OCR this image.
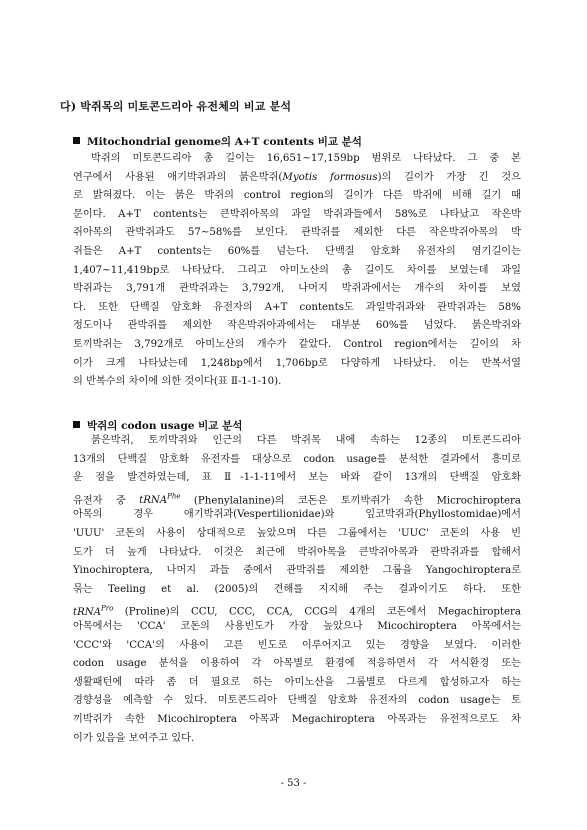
다) 박쥐목의 미토콘드리아 유전체의 비교 분석
Mitochondrial genome의 A+T contents 비교 분석
박쥐의 미토콘드리아 총 길이는 16,651~17,159bp 범위로 나타났다. 그 중 본
연구에서 사용된 애기박쥐과의 붉은박쥐(Myotis formosus)의 길이가 가장 긴 것으
로 밝혀졌다. 이는 붉은 박쥐의 control region의 길이가 다른 박쥐에 비해 길기 때
문이다. A+T contents는 큰박쥐아목의 과일 박쥐과들에서 58%로 나타났고 작은박
쥐아목의 관박쥐과도 57~58%를 보인다. 관박쥐를 제외한 다른 작은박쥐아목의 박
쥐들은 A+T contents는 60%를 넘는다. 단백질 암호화 유전자의 염기길이는
1,407~11,419bp로 나타났다. 그리고 아미노산의 총 길이도 차이를 보였는데 과일
박쥐과는 3,791개 관박쥐과는 3,792개, 나머지 박쥐과에서는 개수의 차이를 보였
다. 또한 단백질 암호화 유전자의 A+T contents도 과일박쥐과와 관박쥐과는 58%
정도이나 관박쥐를 제외한 작은박쥐아과에서는 대부분 60%를 넘었다. 붉은박쥐와
토끼박쥐는 3,792개로 아미노산의 개수가 같았다. Control region에서는 길이의 차
이가 크게 나타났는데 1,248bp에서 1,706bp로 다양하게 나타났다. 이는 반복서열
의 반복수의 차이에 의한 것이다(표 Ⅱ-1-1-10).
박쥐의 codon usage 비교 분석
붉은박쥐, 토끼박쥐와 인근의 다른 박쥐목 내에 속하는 12종의 미토콘드리아
13개의 단백질 암호화 유전자를 대상으로 codon usage를 분석한 결과에서 흥미로
운 점을 발견하였는데, 표 Ⅱ-1-1-11에서 보는 바와 같이 13개의 단백질 암호화
유전자 중 tRNA$^{Phe}$ (Phenylalanine)의 코돈은 토끼박쥐가 속한 Microchiroptera
아목의 경우 애기박쥐과(Vespertilionidae)와 잎코박쥐과(Phyllostomidae)에서
'UUU' 코돈의 사용이 상대적으로 높았으며 다른 그룹에서는 'UUC' 코돈의 사용 빈
도가 더 높게 나타났다. 이것은 최근에 박쥐아목을 큰박쥐아목과 관박쥐과를 합해서
Yinochiroptera, 나머지 과들 중에서 관박쥐를 제외한 그룹을 Yangochiroptera로
묶는 Teeling et al. (2005)의 견해를 지지해 주는 결과이기도 하다. 또한
tRNA$^{Pro}$ (Proline)의 CCU, CCC, CCA, CCG의 4개의 코돈에서 Megachiroptera
아목에서는 'CCA' 코돈의 사용빈도가 가장 높았으나 Micochiroptera 아목에서는
'CCC'와 'CCA'의 사용이 고른 빈도로 이루어지고 있는 경향을 보였다. 이러한
codon usage 분석을 이용하여 각 아목별로 환경에 적응하면서 각 서식환경 또는
생활패턴에 따라 좀 더 필요로 하는 아미노산을 그룹별로 다르게 합성하고자 하는
경향성을 예측할 수 있다. 미토콘드리아 단백질 암호화 유전자의 codon usage는 토
끼박쥐가 속한 Micochiroptera 아목과 Megachiroptera 아목과는 유전적으로도 차
이가 있음을 보여주고 있다.
- 53 -
